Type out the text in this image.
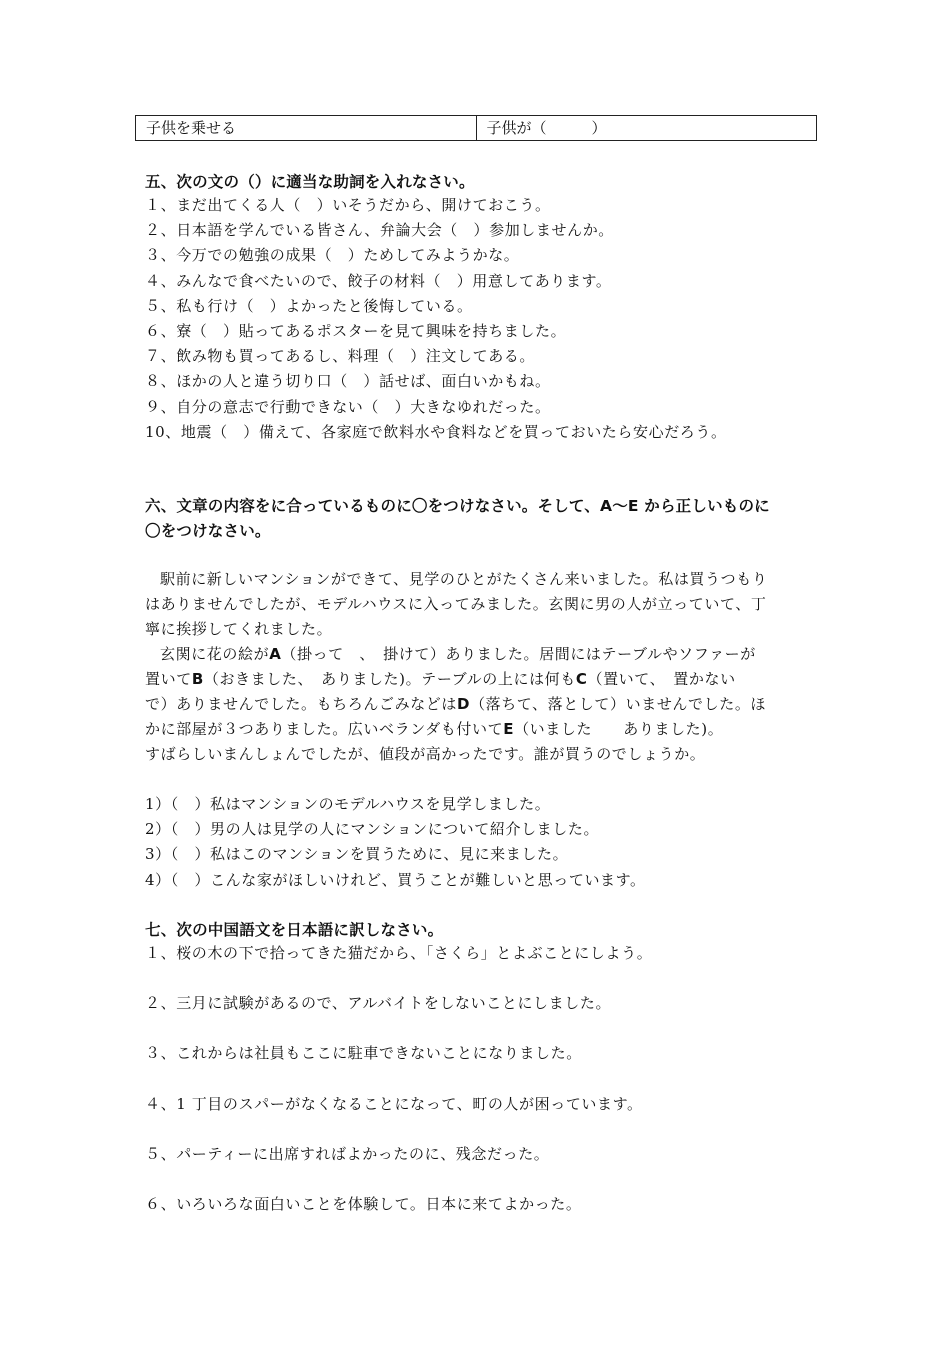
子供を乗せる	子供が（　　　）
五、次の文の（）に適当な助詞を入れなさい。
１、まだ出てくる人（　）いそうだから、開けておこう。
２、日本語を学んでいる皆さん、弁論大会（　）参加しませんか。
３、今万での勉強の成果（　）ためしてみようかな。
４、みんなで食べたいので、餃子の材料（　）用意してあります。
５、私も行け（　）よかったと後悔している。
６、寮（　）貼ってあるポスターを見て興味を持ちました。
７、飲み物も買ってあるし、料理（　）注文してある。
８、ほかの人と違う切り口（　）話せば、面白いかもね。
９、自分の意志で行動できない（　）大きなゆれだった。
10、地震（　）備えて、各家庭で飲料水や食料などを買っておいたら安心だろう。
六、文章の内容をに合っているものに〇をつけなさい。そして、A～E から正しいものに
〇をつけなさい。
駅前に新しいマンションができて、見学のひとがたくさん来いました。私は買うつもり
はありませんでしたが、モデルハウスに入ってみました。玄関に男の人が立っていて、丁
寧に挨拶してくれました。
玄関に花の絵がA（掛って　、　掛けて）ありました。居間にはテーブルやソファーが
置いてB（おきました、　ありました)。テーブルの上には何もC（置いて、　置かない
で）ありませんでした。もちろんごみなどはD（落ちて、落として）いませんでした。ほ
かに部屋が３つありました。広いベランダも付いてE（いました　　ありました)。
すばらしいまんしょんでしたが、値段が高かったです。誰が買うのでしょうか。
1）（　）私はマンションのモデルハウスを見学しました。
2）（　）男の人は見学の人にマンションについて紹介しました。
3）（　）私はこのマンションを買うために、見に来ました。
4）（　）こんな家がほしいけれど、買うことが難しいと思っています。
七、次の中国語文を日本語に訳しなさい。
１、桜の木の下で拾ってきた猫だから、「さくら」とよぶことにしよう。
２、三月に試験があるので、アルバイトをしないことにしました。
３、これからは社員もここに駐車できないことになりました。
４、1 丁目のスパーがなくなることになって、町の人が困っています。
５、パーティーに出席すればよかったのに、残念だった。
６、いろいろな面白いことを体験して。日本に来てよかった。
